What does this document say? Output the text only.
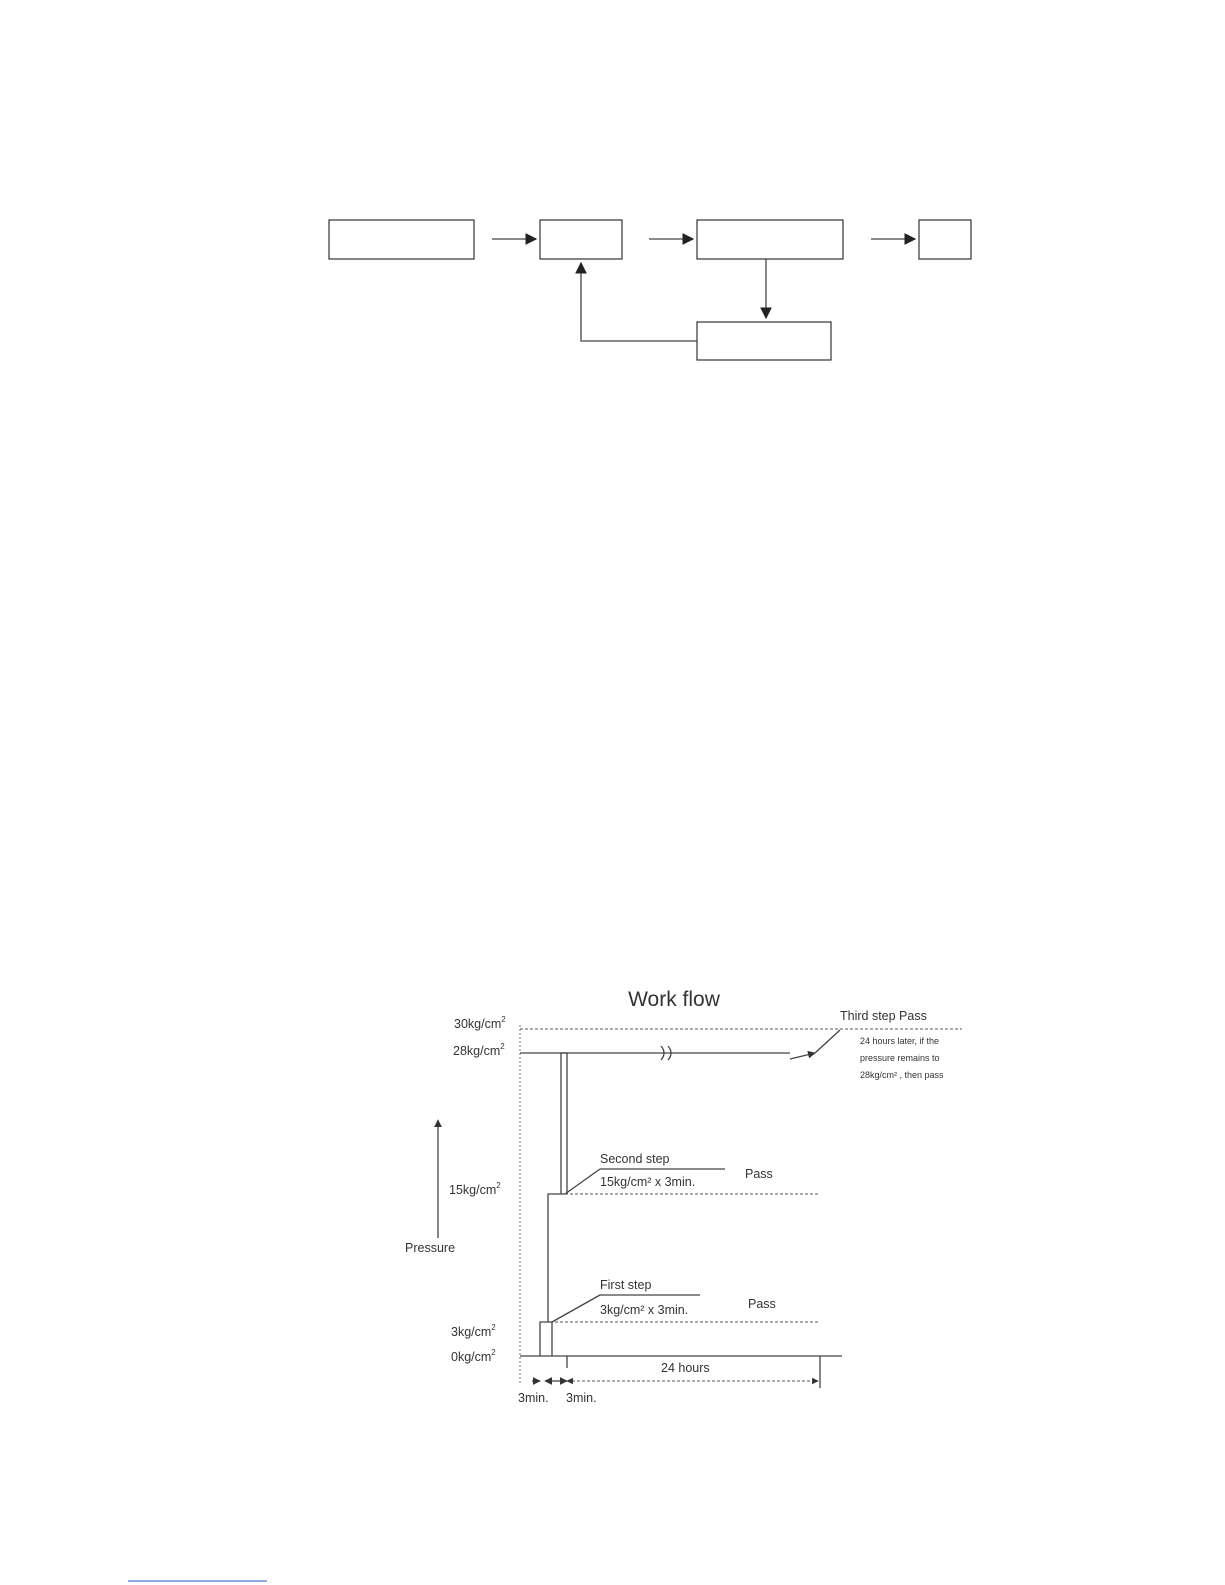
Work flow
Pressure
$30kg/cm^2$
$28kg/cm^2$
$15kg/cm^2$
$3kg/cm^2$
$0kg/cm^2$
Third step Pass
24 hours later, if the
pressure remains to
28kg/cm² , then pass
Second step
15kg/cm² x 3min.
Pass
First step
3kg/cm² x 3min.	Pass
3min. 3min.
24 hours
